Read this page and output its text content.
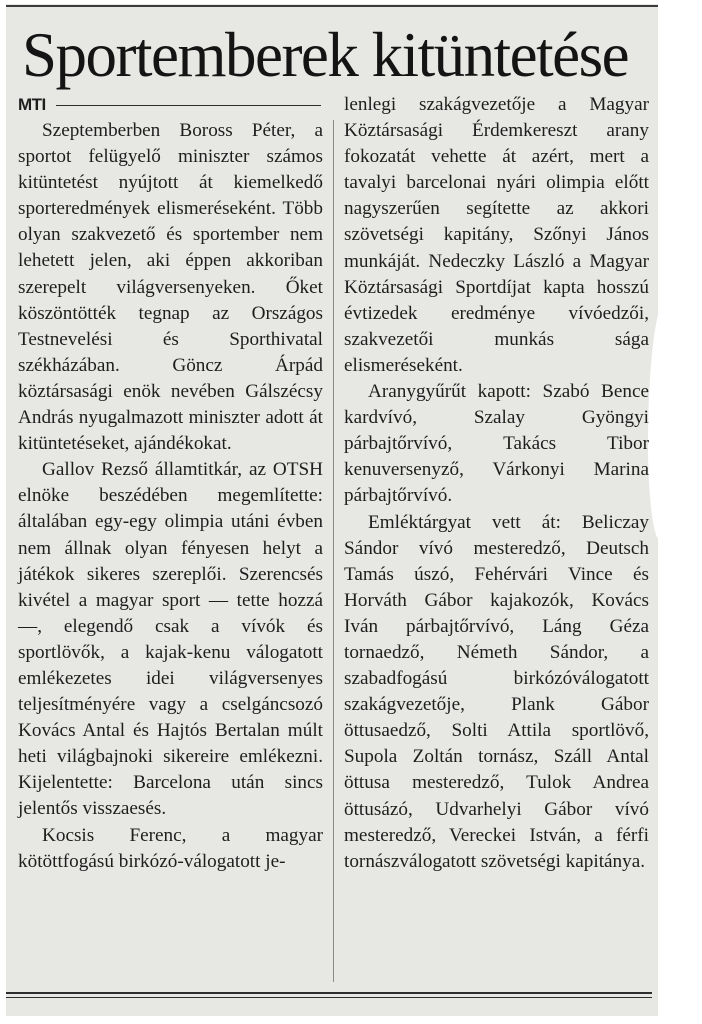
Sportemberek kitüntetése
MTI

Szeptemberben Boross Péter, a sportot felügyelő miniszter számos kitüntetést nyújtott át kiemelkedő sporteredmények elismeréseként. Több olyan szakvezető és sportember nem lehetett jelen, aki éppen akkoriban szerepelt világversenyeken. Őket köszöntötték tegnap az Országos Testnevelési és Sporthivatal székházában. Göncz Árpád köztársasági enök nevében Gálszécsy András nyugalmazott miniszter adott át kitüntetéseket, ajándékokat.

Gallov Rezső államtitkár, az OTSH elnöke beszédében megemlítette: általában egy-egy olimpia utáni évben nem állnak olyan fényesen helyt a játékok sikeres szereplői. Szerencsés kivétel a magyar sport — tette hozzá —, elegendő csak a vívók és sportlövők, a kajak-kenu válogatott emlékezetes idei világversenyes teljesítményére vagy a cselgáncsozó Kovács Antal és Hajtós Bertalan múlt heti világbajnoki sikereire emlékezni. Kijelentette: Barcelona után sincs jelentős visszaesés.

Kocsis Ferenc, a magyar kötöttfogású birkózó-válogatott je-

lenlegi szakágvezetője a Magyar Köztársasági Érdemkereszt arany fokozatát vehette át azért, mert a tavalyi barcelonai nyári olimpia előtt nagyszerűen segítette az akkori szövetségi kapitány, Szőnyi János munkáját. Nedeczky László a Magyar Köztársasági Sportdíjat kapta hosszú évtizedek eredménye vívóedzői, szakvezetői munkás sága elismeréseként.

Aranygyűrűt kapott: Szabó Bence kardvívó, Szalay Gyöngyi párbajtőrvívó, Takács Tibor kenuversenyző, Várkonyi Marina párbajtőrvívó.

Emléktárgyat vett át: Beliczay Sándor vívó mesteredző, Deutsch Tamás úszó, Fehérvári Vince és Horváth Gábor kajakozók, Kovács Iván párbajtőrvívó, Láng Géza tornaedző, Németh Sándor, a szabadfogású birkózóválogatott szakágvezetője, Plank Gábor öttusaedző, Solti Attila sportlövő, Supola Zoltán tornász, Száll Antal öttusa mesteredző, Tulok Andrea öttusázó, Udvarhelyi Gábor vívó mesteredző, Vereckei István, a férfi tornászválogatott szövetségi kapitánya.
